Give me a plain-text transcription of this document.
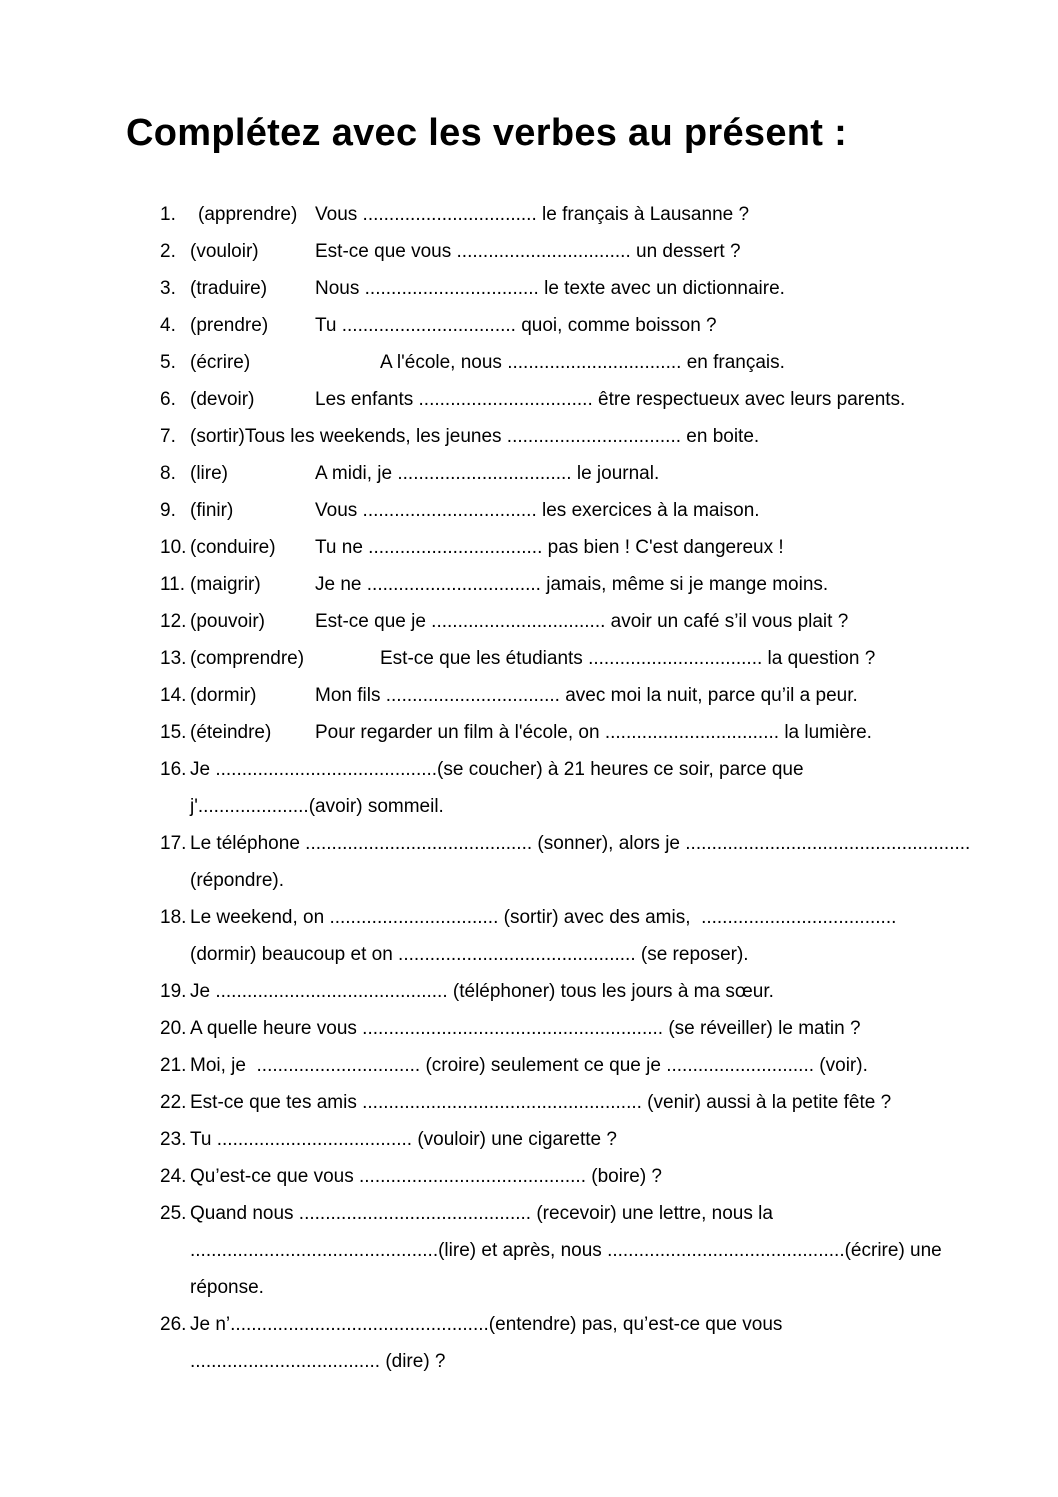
Complétez avec les verbes au présent :
1. (apprendre) Vous ................................. le français à Lausanne ?
2. (vouloir)	Est-ce que vous ................................. un dessert ?
3. (traduire)	Nous ................................. le texte avec un dictionnaire.
4. (prendre) Tu ................................. quoi, comme boisson ?
5. (écrire)	A l'école, nous ................................. en français.
6. (devoir)	Les enfants ................................. être respectueux avec leurs parents.
7. (sortir)Tous les weekends, les jeunes ................................. en boite.
8. (lire)	A midi, je ................................. le journal.
9. (finir)	Vous ................................. les exercices à la maison.
10. (conduire) Tu ne ................................. pas bien ! C'est dangereux !
11. (maigrir)	Je ne ................................. jamais, même si je mange moins.
12. (pouvoir)	Est-ce que je ................................. avoir un café s’il vous plait ?
13. (comprendre)	Est-ce que les étudiants ................................. la question ?
14. (dormir)	Mon fils ................................. avec moi la nuit, parce qu’il a peur.
15. (éteindre) Pour regarder un film à l'école, on ................................. la lumière.
16. Je ..........................................(se coucher) à 21 heures ce soir, parce que
j'.....................(avoir) sommeil.
17. Le téléphone ........................................... (sonner), alors je ......................................................
(répondre).
18. Le weekend, on ................................ (sortir) avec des amis,  .....................................
(dormir) beaucoup et on ............................................. (se reposer).
19. Je ............................................ (téléphoner) tous les jours à ma sœur.
20. A quelle heure vous ......................................................... (se réveiller) le matin ?
21. Moi, je  ............................... (croire) seulement ce que je ............................ (voir).
22. Est-ce que tes amis ..................................................... (venir) aussi à la petite fête ?
23. Tu ..................................... (vouloir) une cigarette ?
24. Qu’est-ce que vous ........................................... (boire) ?
25. Quand nous ............................................ (recevoir) une lettre, nous la
...............................................(lire) et après, nous .............................................(écrire) une
réponse.
26. Je n’.................................................(entendre) pas, qu’est-ce que vous
.................................... (dire) ?
